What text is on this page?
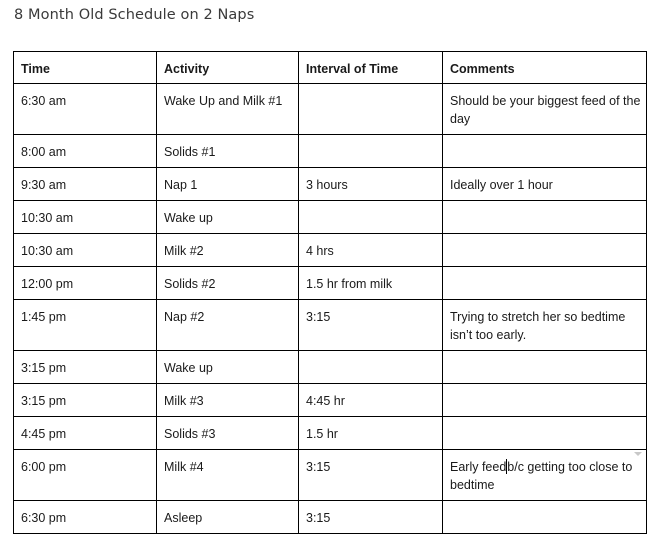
8 Month Old Schedule on 2 Naps
Time	Activity	Interval of Time	Comments
6:30 am	Wake Up and Milk #1		Should be your biggest feed of the day
8:00 am	Solids #1		
9:30 am	Nap 1	3 hours	Ideally over 1 hour
10:30 am	Wake up		
10:30 am	Milk #2	4 hrs	
12:00 pm	Solids #2	1.5 hr from milk	
1:45 pm	Nap #2	3:15	Trying to stretch her so bedtime isn’t too early.
3:15 pm	Wake up		
3:15 pm	Milk #3	4:45 hr	
4:45 pm	Solids #3	1.5 hr	
6:00 pm	Milk #4	3:15	Early feedb/c getting too close to bedtime

6:30 pm	Asleep	3:15	
